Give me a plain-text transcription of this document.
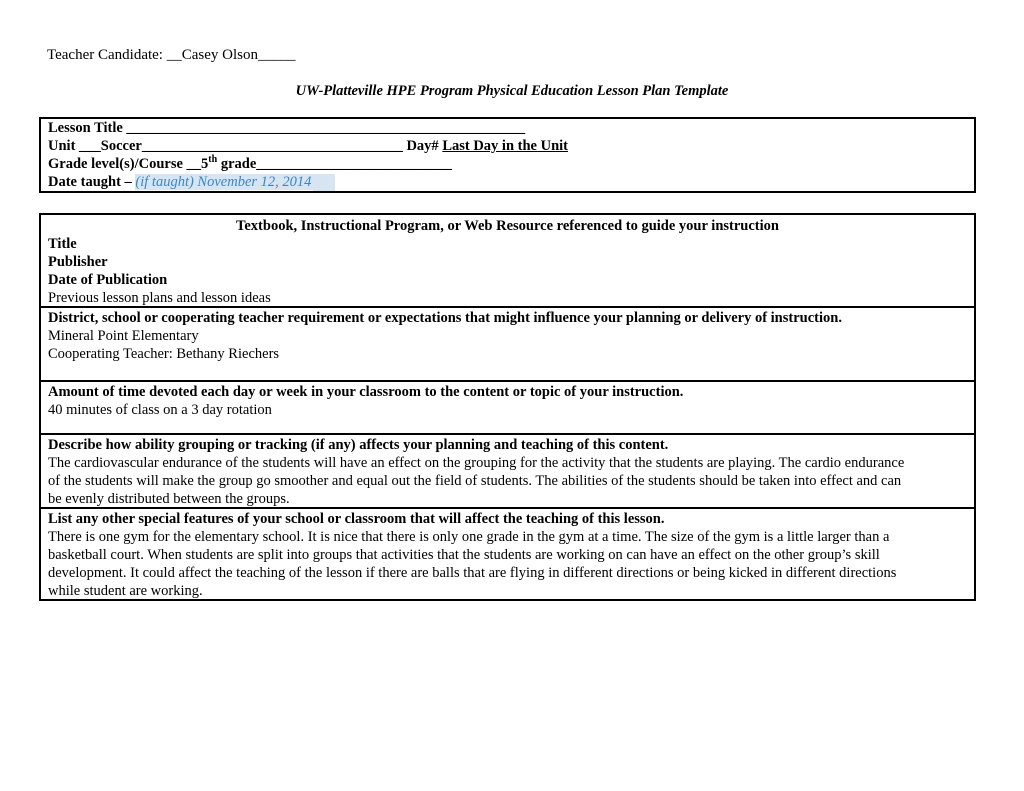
Teacher Candidate: __Casey Olson_____
UW-Platteville HPE Program Physical Education Lesson Plan Template
Lesson Title _______________________________________________________
Unit ___Soccer____________________________________ Day# Last Day in the Unit
Grade level(s)/Course __5th grade___________________________
Date taught – (if taught) November 12, 2014
Textbook, Instructional Program, or Web Resource referenced to guide your instruction
Title
Publisher
Date of Publication
Previous lesson plans and lesson ideas
District, school or cooperating teacher requirement or expectations that might influence your planning or delivery of instruction.
Mineral Point Elementary
Cooperating Teacher: Bethany Riechers
Amount of time devoted each day or week in your classroom to the content or topic of your instruction.
40 minutes of class on a 3 day rotation
Describe how ability grouping or tracking (if any) affects your planning and teaching of this content.
The cardiovascular endurance of the students will have an effect on the grouping for the activity that the students are playing. The cardio endurance
of the students will make the group go smoother and equal out the field of students. The abilities of the students should be taken into effect and can
be evenly distributed between the groups.
List any other special features of your school or classroom that will affect the teaching of this lesson.
There is one gym for the elementary school. It is nice that there is only one grade in the gym at a time. The size of the gym is a little larger than a
basketball court. When students are split into groups that activities that the students are working on can have an effect on the other group’s skill
development. It could affect the teaching of the lesson if there are balls that are flying in different directions or being kicked in different directions
while student are working.
